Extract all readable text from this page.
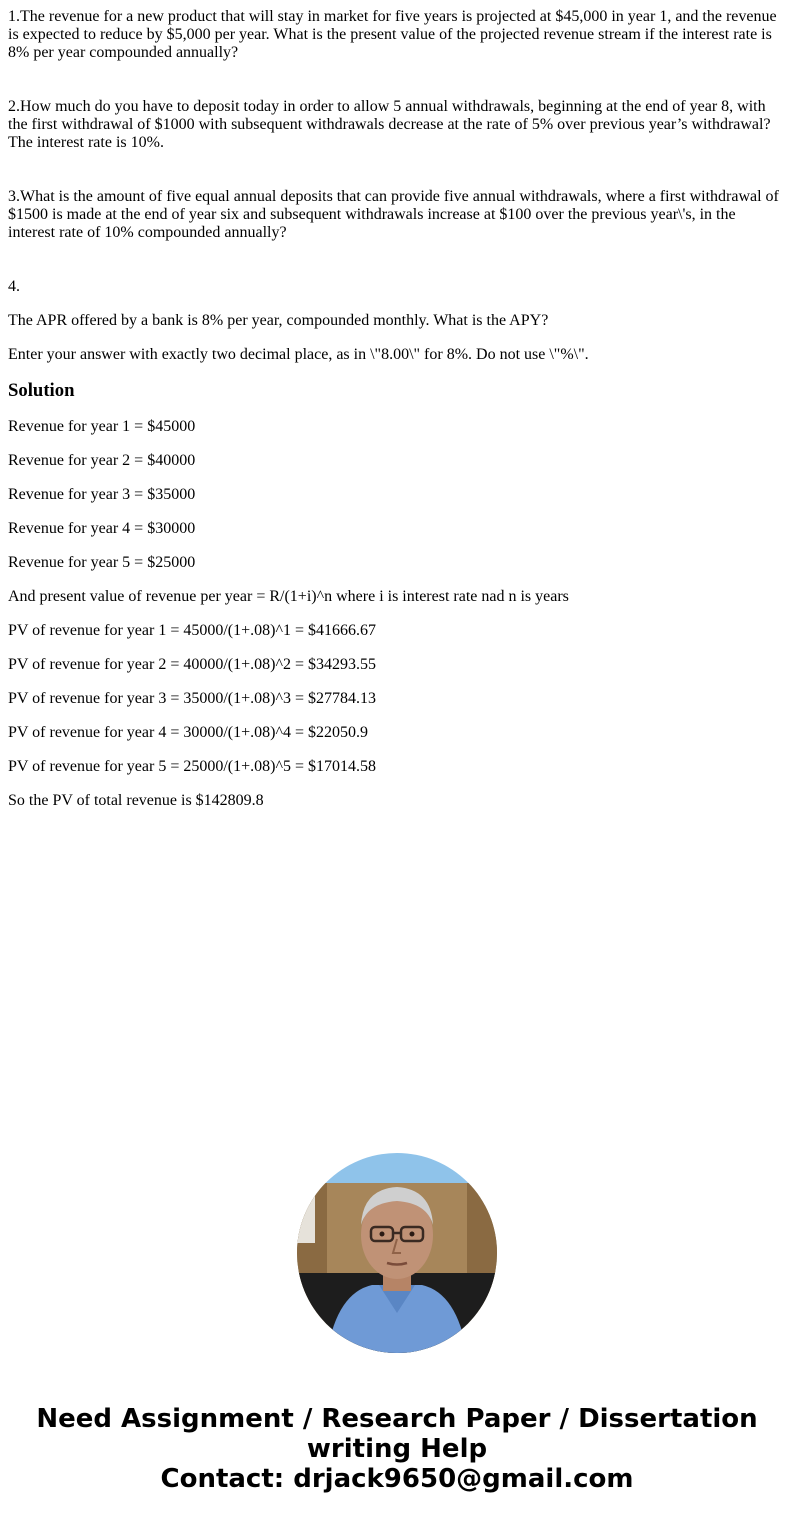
1.The revenue for a new product that will stay in market for five years is projected at $45,000 in year 1, and the revenue is expected to reduce by $5,000 per year. What is the present value of the projected revenue stream if the interest rate is 8% per year compounded annually?

2.How much do you have to deposit today in order to allow 5 annual withdrawals, beginning at the end of year 8, with the first withdrawal of $1000 with subsequent withdrawals decrease at the rate of 5% over previous year’s withdrawal? The interest rate is 10%.

3.What is the amount of five equal annual deposits that can provide five annual withdrawals, where a first withdrawal of $1500 is made at the end of year six and subsequent withdrawals increase at $100 over the previous year\'s, in the interest rate of 10% compounded annually?

4.

The APR offered by a bank is 8% per year, compounded monthly. What is the APY?

Enter your answer with exactly two decimal place, as in \"8.00\" for 8%. Do not use \"%\".

Solution

Revenue for year 1 = $45000

Revenue for year 2 = $40000

Revenue for year 3 = $35000

Revenue for year 4 = $30000

Revenue for year 5 = $25000

And present value of revenue per year = R/(1+i)^n where i is interest rate nad n is years

PV of revenue for year 1 = 45000/(1+.08)^1 = $41666.67

PV of revenue for year 2 = 40000/(1+.08)^2 = $34293.55

PV of revenue for year 3 = 35000/(1+.08)^3 = $27784.13

PV of revenue for year 4 = 30000/(1+.08)^4 = $22050.9

PV of revenue for year 5 = 25000/(1+.08)^5 = $17014.58

So the PV of total revenue is $142809.8

Need Assignment / Research Paper / Dissertation
writing Help
Contact: drjack9650@gmail.com
